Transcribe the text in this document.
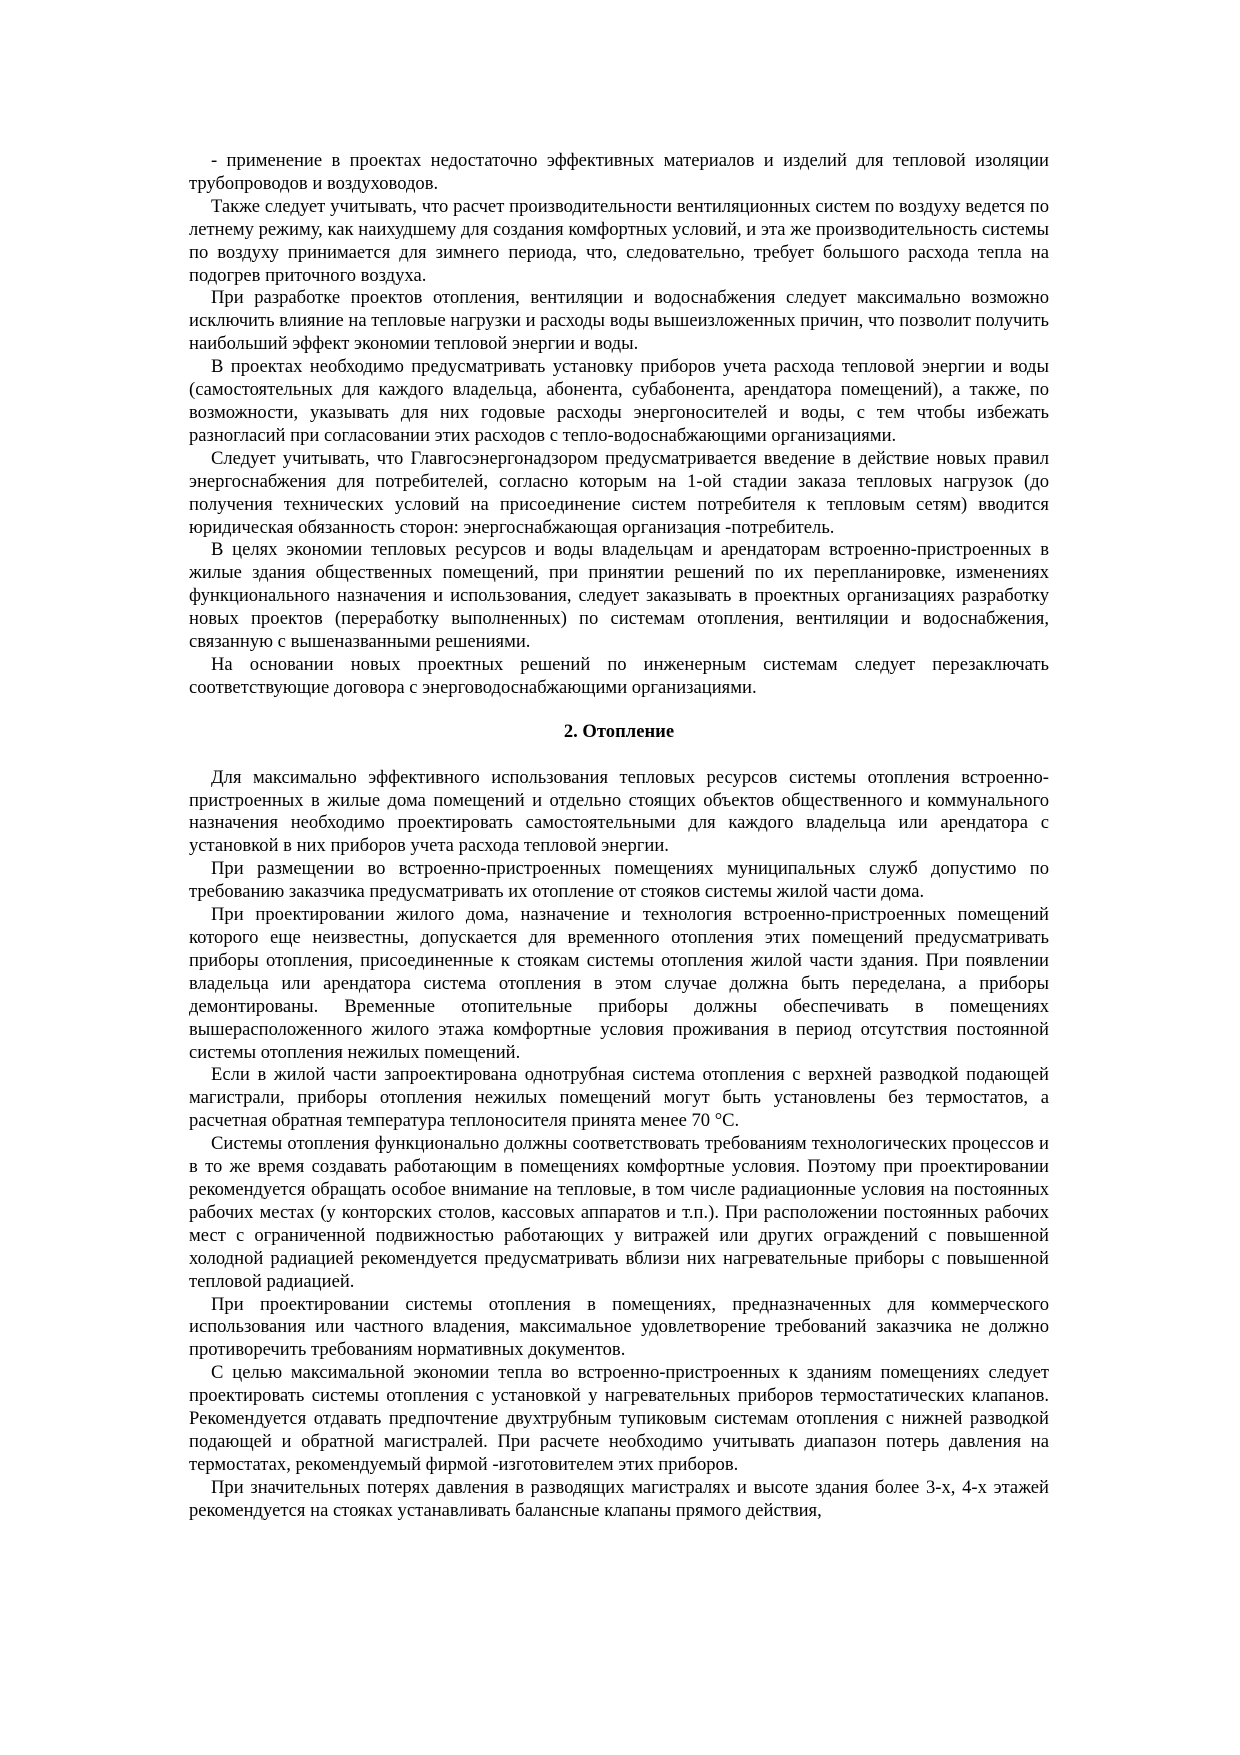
- применение в проектах недостаточно эффективных материалов и изделий для тепловой изоляции трубопроводов и воздуховодов.

Также следует учитывать, что расчет производительности вентиляционных систем по воздуху ведется по летнему режиму, как наихудшему для создания комфортных условий, и эта же производительность системы по воздуху принимается для зимнего периода, что, следовательно, требует большого расхода тепла на подогрев приточного воздуха.

При разработке проектов отопления, вентиляции и водоснабжения следует максимально возможно исключить влияние на тепловые нагрузки и расходы воды вышеизложенных причин, что позволит получить наибольший эффект экономии тепловой энергии и воды.

В проектах необходимо предусматривать установку приборов учета расхода тепловой энергии и воды (самостоятельных для каждого владельца, абонента, субабонента, арендатора помещений), а также, по возможности, указывать для них годовые расходы энергоносителей и воды, с тем чтобы избежать разногласий при согласовании этих расходов с тепло-водоснабжающими организациями.

Следует учитывать, что Главгосэнергонадзором предусматривается введение в действие новых правил энергоснабжения для потребителей, согласно которым на 1-ой стадии заказа тепловых нагрузок (до получения технических условий на присоединение систем потребителя к тепловым сетям) вводится юридическая обязанность сторон: энергоснабжающая организация -потребитель.

В целях экономии тепловых ресурсов и воды владельцам и арендаторам встроенно-пристроенных в жилые здания общественных помещений, при принятии решений по их перепланировке, изменениях функционального назначения и использования, следует заказывать в проектных организациях разработку новых проектов (переработку выполненных) по системам отопления, вентиляции и водоснабжения, связанную с вышеназванными решениями.

На основании новых проектных решений по инженерным системам следует перезаключать соответствующие договора с энерговодоснабжающими организациями.

2. Отопление

Для максимально эффективного использования тепловых ресурсов системы отопления встроенно-пристроенных в жилые дома помещений и отдельно стоящих объектов общественного и коммунального назначения необходимо проектировать самостоятельными для каждого владельца или арендатора с установкой в них приборов учета расхода тепловой энергии.

При размещении во встроенно-пристроенных помещениях муниципальных служб допустимо по требованию заказчика предусматривать их отопление от стояков системы жилой части дома.

При проектировании жилого дома, назначение и технология встроенно-пристроенных помещений которого еще неизвестны, допускается для временного отопления этих помещений предусматривать приборы отопления, присоединенные к стоякам системы отопления жилой части здания. При появлении владельца или арендатора система отопления в этом случае должна быть переделана, а приборы демонтированы. Временные отопительные приборы должны обеспечивать в помещениях вышерасположенного жилого этажа комфортные условия проживания в период отсутствия постоянной системы отопления нежилых помещений.

Если в жилой части запроектирована однотрубная система отопления с верхней разводкой подающей магистрали, приборы отопления нежилых помещений могут быть установлены без термостатов, а расчетная обратная температура теплоносителя принята менее 70 °С.

Системы отопления функционально должны соответствовать требованиям технологических процессов и в то же время создавать работающим в помещениях комфортные условия. Поэтому при проектировании рекомендуется обращать особое внимание на тепловые, в том числе радиационные условия на постоянных рабочих местах (у конторских столов, кассовых аппаратов и т.п.). При расположении постоянных рабочих мест с ограниченной подвижностью работающих у витражей или других ограждений с повышенной холодной радиацией рекомендуется предусматривать вблизи них нагревательные приборы с повышенной тепловой радиацией.

При проектировании системы отопления в помещениях, предназначенных для коммерческого использования или частного владения, максимальное удовлетворение требований заказчика не должно противоречить требованиям нормативных документов.

С целью максимальной экономии тепла во встроенно-пристроенных к зданиям помещениях следует проектировать системы отопления с установкой у нагревательных приборов термостатических клапанов. Рекомендуется отдавать предпочтение двухтрубным тупиковым системам отопления с нижней разводкой подающей и обратной магистралей. При расчете необходимо учитывать диапазон потерь давления на термостатах, рекомендуемый фирмой -изготовителем этих приборов.

При значительных потерях давления в разводящих магистралях и высоте здания более 3-х, 4-х этажей рекомендуется на стояках устанавливать балансные клапаны прямого действия,
